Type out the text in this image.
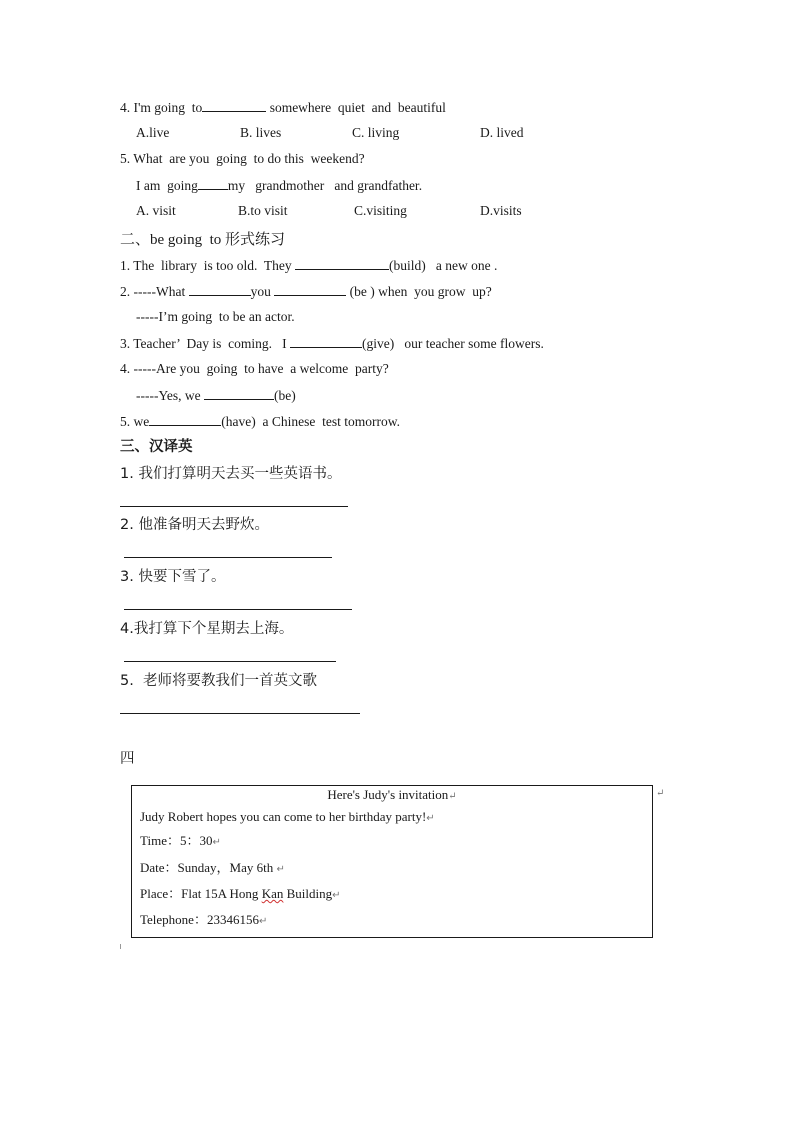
4. I'm going  to	somewhere  quiet  and  beautiful
A.live	B. lives	C. living	D. lived
5. What  are you  going  to do this  weekend?
I am  going my   grandmother   and grandfather.
A. visit	B.to visit	C.visiting	D.visits
二、be going  to 形式练习
1. The  library  is too old.  They	(build)   a new one .
2. -----What	you	(be ) when  you grow  up?
-----I’m going  to be an actor.
3. Teacher’  Day is  coming.   I	(give)   our teacher some flowers.
4. -----Are you  going  to have  a welcome  party?
-----Yes, we	(be)
5. we	(have)  a Chinese  test tomorrow.
三、汉译英
1. 我们打算明天去买一些英语书。
2. 他准备明天去野炊。
3. 快要下雪了。
4.我打算下个星期去上海。
5.  老师将要教我们一首英文歌
四
Here's Judy's invitation↵
Judy Robert hopes you can come to her birthday party!↵
Time：5：30↵
Date：Sunday，May 6th ↵
Place：Flat 15A Hong Kan Building↵
Telephone：23346156↵
↵
